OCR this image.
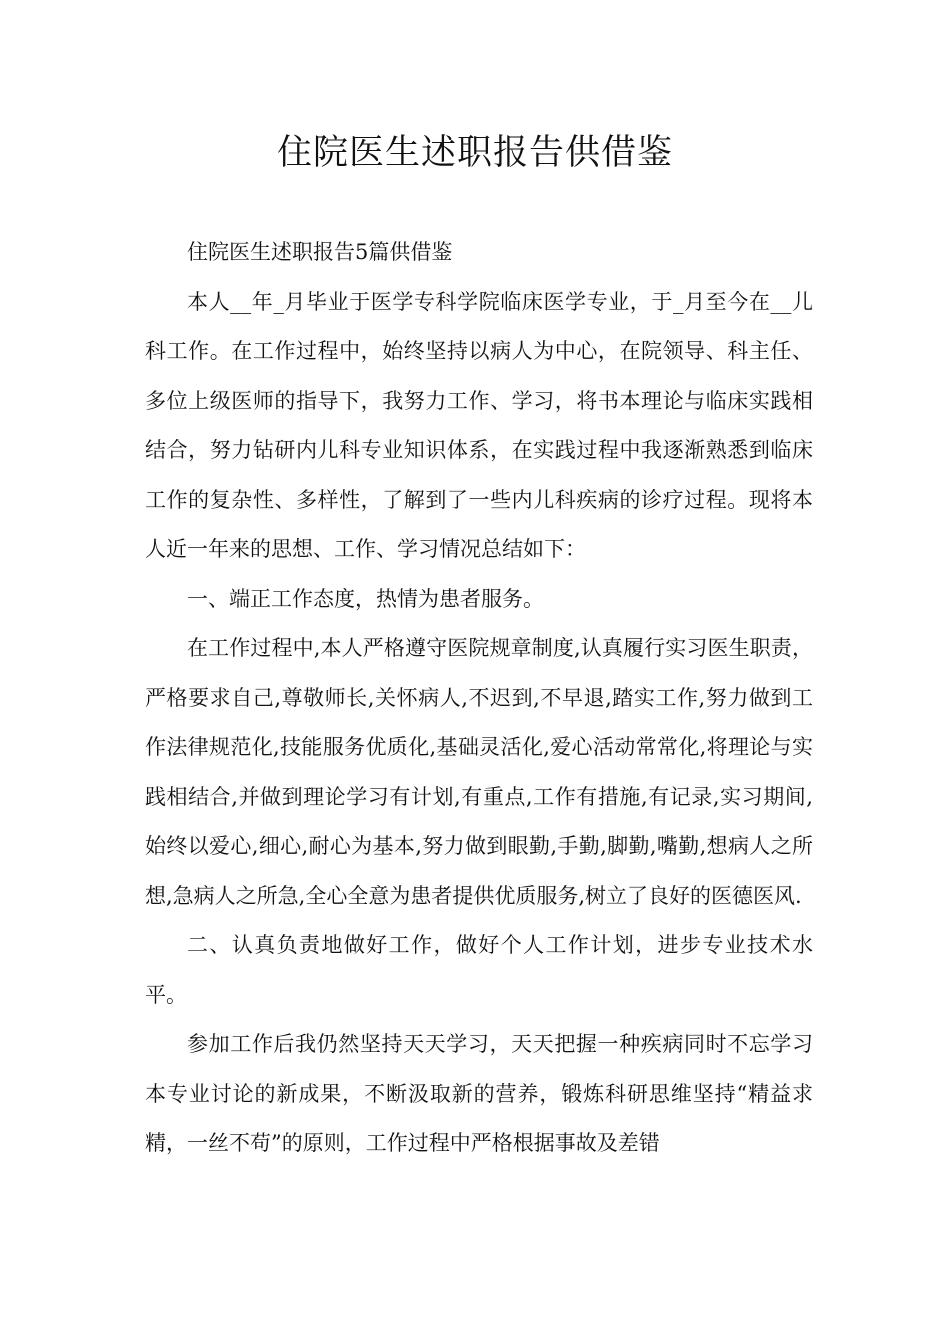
住院医生述职报告供借鉴

住院医生述职报告5篇供借鉴

本人__年_月毕业于医学专科学院临床医学专业，于_月至今在__儿科工作。在工作过程中，始终坚持以病人为中心，在院领导、科主任、多位上级医师的指导下，我努力工作、学习，将书本理论与临床实践相结合，努力钻研内儿科专业知识体系，在实践过程中我逐渐熟悉到临床工作的复杂性、多样性，了解到了一些内儿科疾病的诊疗过程。现将本人近一年来的思想、工作、学习情况总结如下：

一、端正工作态度，热情为患者服务。

在工作过程中,本人严格遵守医院规章制度,认真履行实习医生职责，严格要求自己,尊敬师长,关怀病人,不迟到,不早退,踏实工作,努力做到工作法律规范化,技能服务优质化,基础灵活化,爱心活动常常化,将理论与实践相结合,并做到理论学习有计划,有重点,工作有措施,有记录,实习期间,始终以爱心,细心,耐心为基本,努力做到眼勤,手勤,脚勤,嘴勤,想病人之所想,急病人之所急,全心全意为患者提供优质服务,树立了良好的医德医风.

二、认真负责地做好工作，做好个人工作计划，进步专业技术水平。

参加工作后我仍然坚持天天学习，天天把握一种疾病同时不忘学习本专业讨论的新成果，不断汲取新的营养，锻炼科研思维坚持“精益求精，一丝不苟”的原则，工作过程中严格根据事故及差错
